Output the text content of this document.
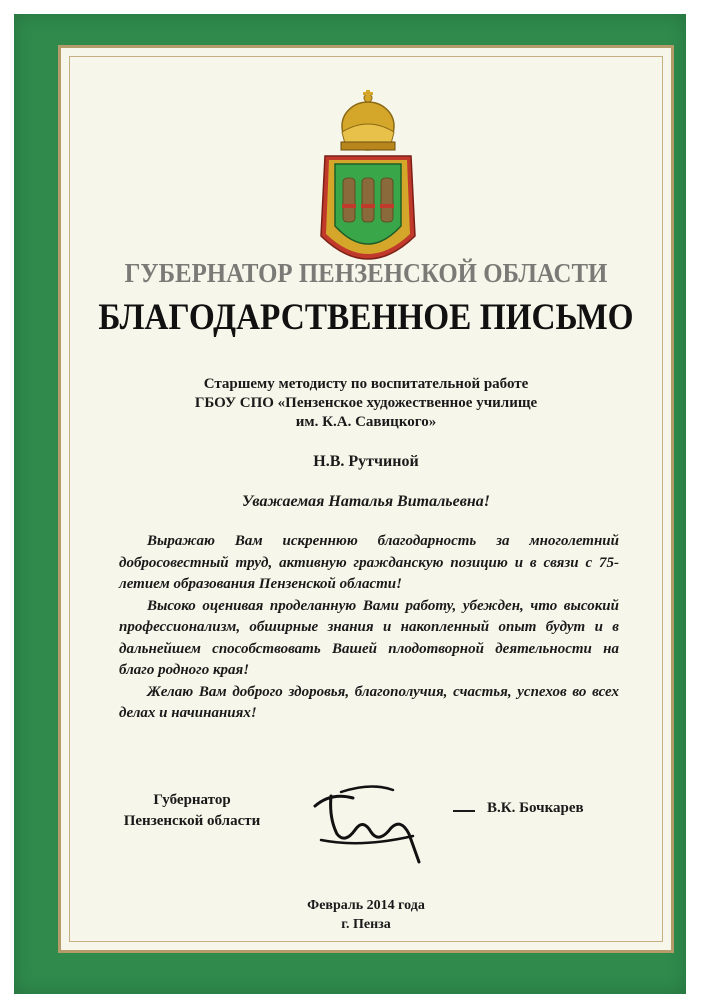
ГУБЕРНАТОР ПЕНЗЕНСКОЙ ОБЛАСТИ
БЛАГОДАРСТВЕННОЕ ПИСЬМО
Старшему методисту по воспитательной работе
ГБОУ СПО «Пензенское художественное училище
им. К.А. Савицкого»
Н.В. Рутчиной
Уважаемая Наталья Витальевна!

Выражаю Вам искреннюю благодарность за многолетний добросовестный труд, активную гражданскую позицию и в связи с 75-летием образования Пензенской области!

Высоко оценивая проделанную Вами работу, убежден, что высокий профессионализм, обширные знания и накопленный опыт будут и в дальнейшем способствовать Вашей плодотворной деятельности на благо родного края!

Желаю Вам доброго здоровья, благополучия, счастья, успехов во всех делах и начинаниях!

Губернатор
Пензенской области
В.К. Бочкарев
Февраль 2014 года
г. Пенза
